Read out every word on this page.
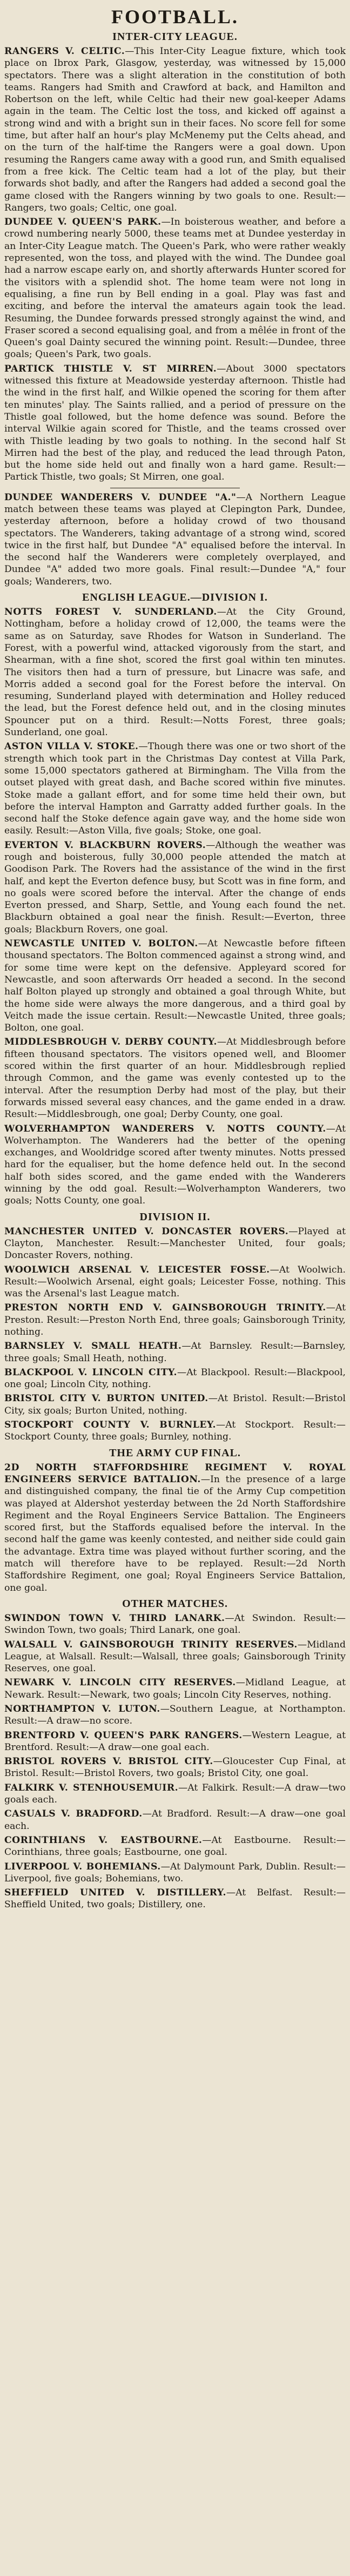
FOOTBALL.
INTER-CITY LEAGUE.

RANGERS V. CELTIC.—This Inter-City League fixture, which took place on Ibrox Park, Glasgow, yesterday, was witnessed by 15,000 spectators. There was a slight alteration in the constitution of both teams. Rangers had Smith and Crawford at back, and Hamilton and Robertson on the left, while Celtic had their new goal-keeper Adams again in the team. The Celtic lost the toss, and kicked off against a strong wind and with a bright sun in their faces. No score fell for some time, but after half an hour's play McMenemy put the Celts ahead, and on the turn of the half-time the Rangers were a goal down. Upon resuming the Rangers came away with a good run, and Smith equalised from a free kick. The Celtic team had a lot of the play, but their forwards shot badly, and after the Rangers had added a second goal the game closed with the Rangers winning by two goals to one. Result:—Rangers, two goals; Celtic, one goal.

DUNDEE V. QUEEN'S PARK.—In boisterous weather, and before a crowd numbering nearly 5000, these teams met at Dundee yesterday in an Inter-City League match. The Queen's Park, who were rather weakly represented, won the toss, and played with the wind. The Dundee goal had a narrow escape early on, and shortly afterwards Hunter scored for the visitors with a splendid shot. The home team were not long in equalising, a fine run by Bell ending in a goal. Play was fast and exciting, and before the interval the amateurs again took the lead. Resuming, the Dundee forwards pressed strongly against the wind, and Fraser scored a second equalising goal, and from a mêlée in front of the Queen's goal Dainty secured the winning point. Result:—Dundee, three goals; Queen's Park, two goals.

PARTICK THISTLE V. ST MIRREN.—About 3000 spectators witnessed this fixture at Meadowside yesterday afternoon. Thistle had the wind in the first half, and Wilkie opened the scoring for them after ten minutes' play. The Saints rallied, and a period of pressure on the Thistle goal followed, but the home defence was sound. Before the interval Wilkie again scored for Thistle, and the teams crossed over with Thistle leading by two goals to nothing. In the second half St Mirren had the best of the play, and reduced the lead through Paton, but the home side held out and finally won a hard game. Result:—Partick Thistle, two goals; St Mirren, one goal.

DUNDEE WANDERERS V. DUNDEE "A."—A Northern League match between these teams was played at Clepington Park, Dundee, yesterday afternoon, before a holiday crowd of two thousand spectators. The Wanderers, taking advantage of a strong wind, scored twice in the first half, but Dundee "A" equalised before the interval. In the second half the Wanderers were completely overplayed, and Dundee "A" added two more goals. Final result:—Dundee "A," four goals; Wanderers, two.

ENGLISH LEAGUE.—DIVISION I.

NOTTS FOREST V. SUNDERLAND.—At the City Ground, Nottingham, before a holiday crowd of 12,000, the teams were the same as on Saturday, save Rhodes for Watson in Sunderland. The Forest, with a powerful wind, attacked vigorously from the start, and Shearman, with a fine shot, scored the first goal within ten minutes. The visitors then had a turn of pressure, but Linacre was safe, and Morris added a second goal for the Forest before the interval. On resuming, Sunderland played with determination and Holley reduced the lead, but the Forest defence held out, and in the closing minutes Spouncer put on a third. Result:—Notts Forest, three goals; Sunderland, one goal.

ASTON VILLA V. STOKE.—Though there was one or two short of the strength which took part in the Christmas Day contest at Villa Park, some 15,000 spectators gathered at Birmingham. The Villa from the outset played with great dash, and Bache scored within five minutes. Stoke made a gallant effort, and for some time held their own, but before the interval Hampton and Garratty added further goals. In the second half the Stoke defence again gave way, and the home side won easily. Result:—Aston Villa, five goals; Stoke, one goal.

EVERTON V. BLACKBURN ROVERS.—Although the weather was rough and boisterous, fully 30,000 people attended the match at Goodison Park. The Rovers had the assistance of the wind in the first half, and kept the Everton defence busy, but Scott was in fine form, and no goals were scored before the interval. After the change of ends Everton pressed, and Sharp, Settle, and Young each found the net. Blackburn obtained a goal near the finish. Result:—Everton, three goals; Blackburn Rovers, one goal.

NEWCASTLE UNITED V. BOLTON.—At Newcastle before fifteen thousand spectators. The Bolton commenced against a strong wind, and for some time were kept on the defensive. Appleyard scored for Newcastle, and soon afterwards Orr headed a second. In the second half Bolton played up strongly and obtained a goal through White, but the home side were always the more dangerous, and a third goal by Veitch made the issue certain. Result:—Newcastle United, three goals; Bolton, one goal.

MIDDLESBROUGH V. DERBY COUNTY.—At Middlesbrough before fifteen thousand spectators. The visitors opened well, and Bloomer scored within the first quarter of an hour. Middlesbrough replied through Common, and the game was evenly contested up to the interval. After the resumption Derby had most of the play, but their forwards missed several easy chances, and the game ended in a draw. Result:—Middlesbrough, one goal; Derby County, one goal.

WOLVERHAMPTON WANDERERS V. NOTTS COUNTY.—At Wolverhampton. The Wanderers had the better of the opening exchanges, and Wooldridge scored after twenty minutes. Notts pressed hard for the equaliser, but the home defence held out. In the second half both sides scored, and the game ended with the Wanderers winning by the odd goal. Result:—Wolverhampton Wanderers, two goals; Notts County, one goal.

DIVISION II.

MANCHESTER UNITED V. DONCASTER ROVERS.—Played at Clayton, Manchester. Result:—Manchester United, four goals; Doncaster Rovers, nothing.

WOOLWICH ARSENAL V. LEICESTER FOSSE.—At Woolwich. Result:—Woolwich Arsenal, eight goals; Leicester Fosse, nothing. This was the Arsenal's last League match.

PRESTON NORTH END V. GAINSBOROUGH TRINITY.—At Preston. Result:—Preston North End, three goals; Gainsborough Trinity, nothing.

BARNSLEY V. SMALL HEATH.—At Barnsley. Result:—Barnsley, three goals; Small Heath, nothing.

BLACKPOOL V. LINCOLN CITY.—At Blackpool. Result:—Blackpool, one goal; Lincoln City, nothing.

BRISTOL CITY V. BURTON UNITED.—At Bristol. Result:—Bristol City, six goals; Burton United, nothing.

STOCKPORT COUNTY V. BURNLEY.—At Stockport. Result:—Stockport County, three goals; Burnley, nothing.

THE ARMY CUP FINAL.

2D NORTH STAFFORDSHIRE REGIMENT V. ROYAL ENGINEERS SERVICE BATTALION.—In the presence of a large and distinguished company, the final tie of the Army Cup competition was played at Aldershot yesterday between the 2d North Staffordshire Regiment and the Royal Engineers Service Battalion. The Engineers scored first, but the Staffords equalised before the interval. In the second half the game was keenly contested, and neither side could gain the advantage. Extra time was played without further scoring, and the match will therefore have to be replayed. Result:—2d North Staffordshire Regiment, one goal; Royal Engineers Service Battalion, one goal.

OTHER MATCHES.

SWINDON TOWN V. THIRD LANARK.—At Swindon. Result:—Swindon Town, two goals; Third Lanark, one goal.

WALSALL V. GAINSBOROUGH TRINITY RESERVES.—Midland League, at Walsall. Result:—Walsall, three goals; Gainsborough Trinity Reserves, one goal.

NEWARK V. LINCOLN CITY RESERVES.—Midland League, at Newark. Result:—Newark, two goals; Lincoln City Reserves, nothing.

NORTHAMPTON V. LUTON.—Southern League, at Northampton. Result:—A draw—no score.

BRENTFORD V. QUEEN'S PARK RANGERS.—Western League, at Brentford. Result:—A draw—one goal each.

BRISTOL ROVERS V. BRISTOL CITY.—Gloucester Cup Final, at Bristol. Result:—Bristol Rovers, two goals; Bristol City, one goal.

FALKIRK V. STENHOUSEMUIR.—At Falkirk. Result:—A draw—two goals each.

CASUALS V. BRADFORD.—At Bradford. Result:—A draw—one goal each.

CORINTHIANS V. EASTBOURNE.—At Eastbourne. Result:—Corinthians, three goals; Eastbourne, one goal.

LIVERPOOL V. BOHEMIANS.—At Dalymount Park, Dublin. Result:—Liverpool, five goals; Bohemians, two.

SHEFFIELD UNITED V. DISTILLERY.—At Belfast. Result:—Sheffield United, two goals; Distillery, one.
